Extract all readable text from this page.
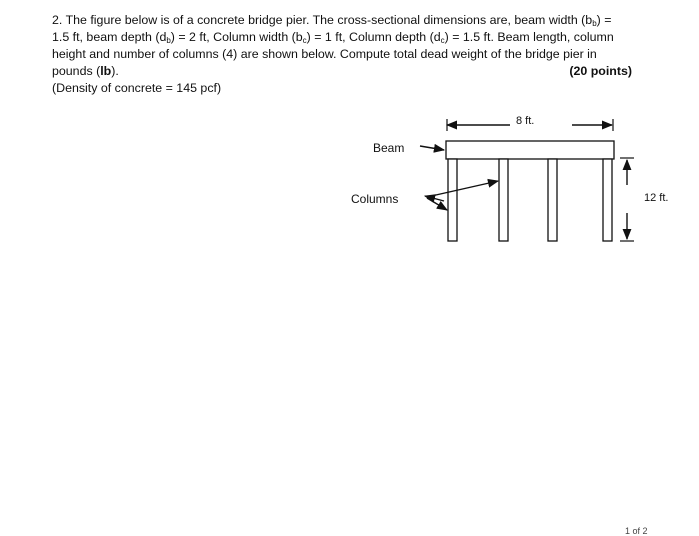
2. The figure below is of a concrete bridge pier. The cross-sectional dimensions are, beam width $(b_b)$ =

1.5 ft, beam depth $(d_b) = 2$ ft, Column width $(b_c) = 1$ ft, Column depth $(d_c) = 1.5$ ft. Beam length, column

height and number of columns (4) are shown below. Compute total dead weight of the bridge pier in

pounds (lb).	(20 points)

(Density of concrete = 145 pcf)

Beam
Columns
8 ft.
12 ft.
1 of 2
